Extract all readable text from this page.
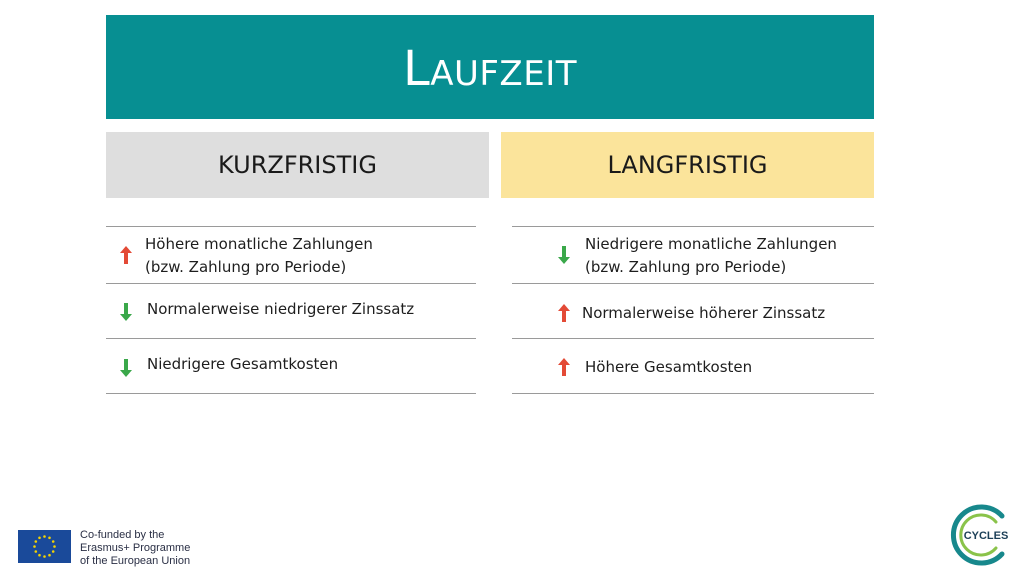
Laufzeit
KURZFRISTIG	LANGFRISTIG
Höhere monatliche Zahlungen
(bzw. Zahlung pro Periode)
Normalerweise niedrigerer Zinssatz
Niedrigere Gesamtkosten
Niedrigere monatliche Zahlungen
(bzw. Zahlung pro Periode)
Normalerweise höherer Zinssatz
Höhere Gesamtkosten
Co-funded by the
Erasmus+ Programme
of the European Union
CYCLES
